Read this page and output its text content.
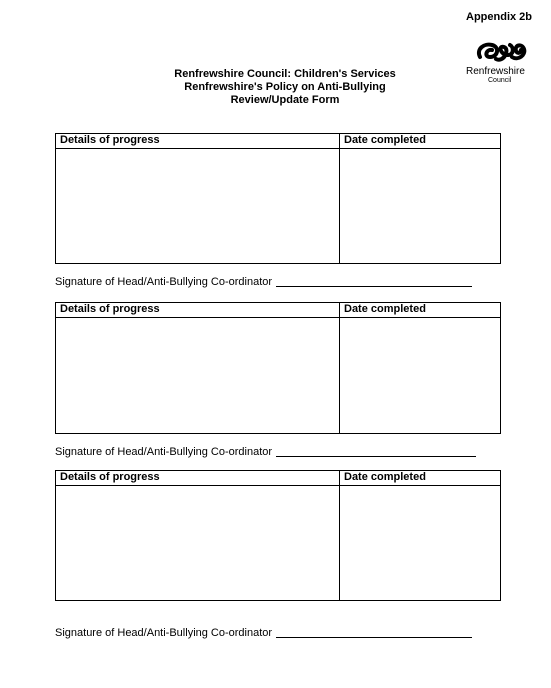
Appendix 2b
Renfrewshire
Council
Renfrewshire Council: Children's Services
Renfrewshire's Policy on Anti-Bullying
Review/Update Form
Details of progress	Date completed
Signature of Head/Anti-Bullying Co-ordinator
Details of progress	Date completed
Signature of Head/Anti-Bullying Co-ordinator
Details of progress	Date completed
Signature of Head/Anti-Bullying Co-ordinator
